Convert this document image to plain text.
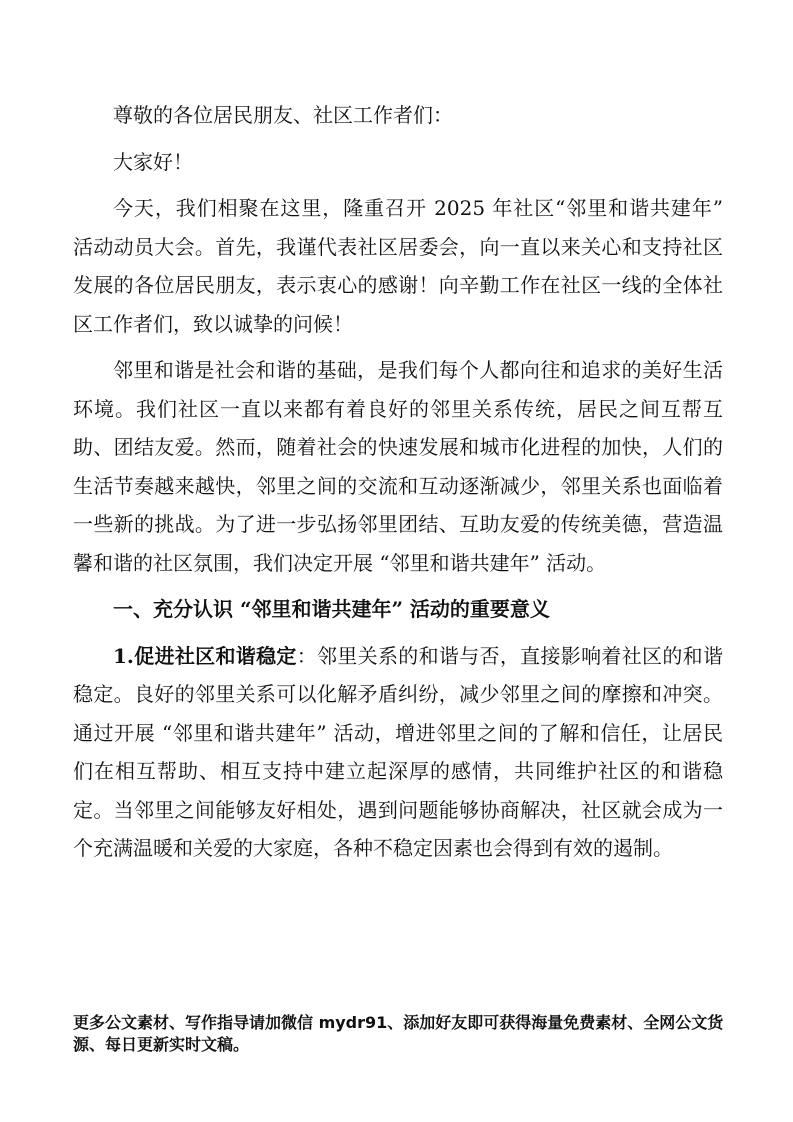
尊敬的各位居民朋友、社区工作者们：

大家好！

今天，我们相聚在这里，隆重召开 2025 年社区“邻里和谐共建年” 活动动员大会。首先，我谨代表社区居委会，向一直以来关心和支持社区发展的各位居民朋友，表示衷心的感谢！向辛勤工作在社区一线的全体社区工作者们，致以诚挚的问候！

邻里和谐是社会和谐的基础，是我们每个人都向往和追求的美好生活环境。我们社区一直以来都有着良好的邻里关系传统，居民之间互帮互助、团结友爱。然而，随着社会的快速发展和城市化进程的加快，人们的生活节奏越来越快，邻里之间的交流和互动逐渐减少，邻里关系也面临着一些新的挑战。为了进一步弘扬邻里团结、互助友爱的传统美德，营造温馨和谐的社区氛围，我们决定开展 “邻里和谐共建年” 活动。

一、充分认识 “邻里和谐共建年” 活动的重要意义

1.促进社区和谐稳定：邻里关系的和谐与否，直接影响着社区的和谐稳定。良好的邻里关系可以化解矛盾纠纷，减少邻里之间的摩擦和冲突。通过开展 “邻里和谐共建年” 活动，增进邻里之间的了解和信任，让居民们在相互帮助、相互支持中建立起深厚的感情，共同维护社区的和谐稳定。当邻里之间能够友好相处，遇到问题能够协商解决，社区就会成为一个充满温暖和关爱的大家庭，各种不稳定因素也会得到有效的遏制。

更多公文素材、写作指导请加微信 mydr91、添加好友即可获得海量免费素材、全网公文货源、每日更新实时文稿。
